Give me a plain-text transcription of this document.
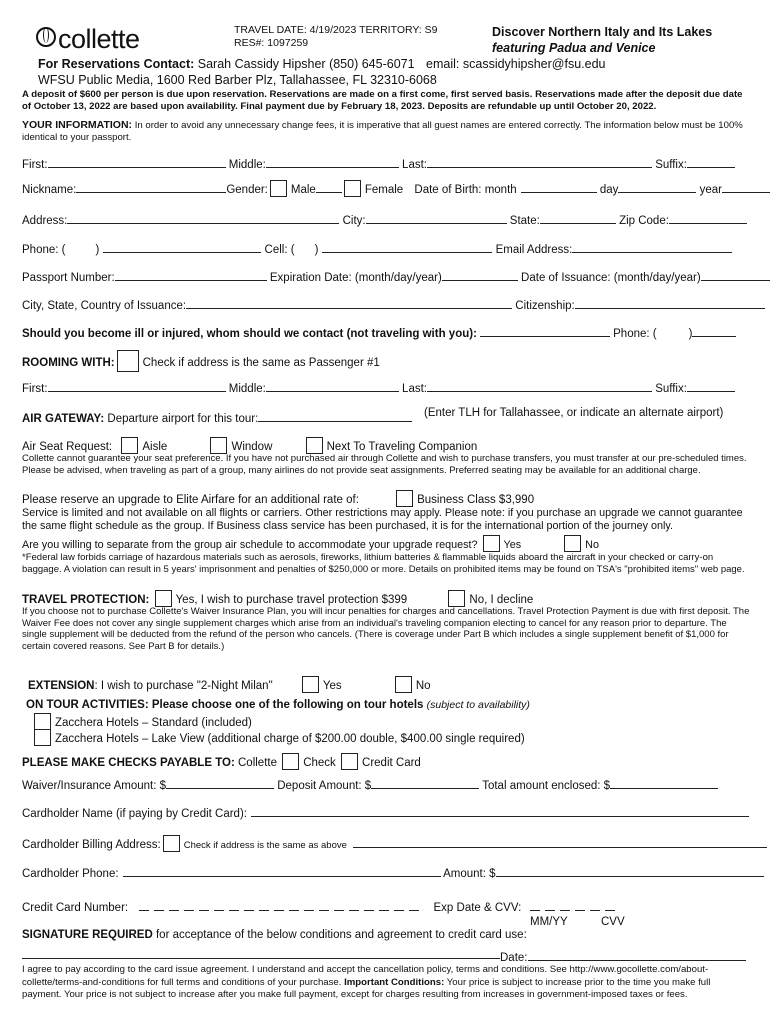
collette	TRAVEL DATE: 4/19/2023 TERRITORY: S9
RES#: 1097259
Discover Northern Italy and Its Lakes
featuring Padua and Venice
For Reservations Contact: Sarah Cassidy Hipsher (850) 645-6071 email: scassidyhipsher@fsu.edu
WFSU Public Media, 1600 Red Barber Plz, Tallahassee, FL 32310-6068
A deposit of $600 per person is due upon reservation. Reservations are made on a first come, first served basis. Reservations made after the deposit due date of October 13, 2022 are based upon availability. Final payment due by February 18, 2023. Deposits are refundable up until October 20, 2022.
YOUR INFORMATION: In order to avoid any unnecessary change fees, it is imperative that all guest names are entered correctly. The information below must be 100% identical to your passport.
First:	Middle:	Last:	Suffix:
Nickname:	Gender: Male	Female Date of Birth: month	day	year
Address:	City:	State:	Zip Code:
Phone: (	)	Cell: ( )	Email Address:
Passport Number:	Expiration Date: (month/day/year)	Date of Issuance: (month/day/year)
City, State, Country of Issuance:	Citizenship:
Should you become ill or injured, whom should we contact (not traveling with you):	Phone: (	)
ROOMING WITH: Check if address is the same as Passenger #1
First:	Middle:	Last:	Suffix:
AIR GATEWAY: Departure airport for this tour:	(Enter TLH for Tallahassee, or indicate an alternate airport)
Air Seat Request:	Aisle	Window	Next To Traveling Companion
Collette cannot guarantee your seat preference. If you have not purchased air through Collette and wish to purchase transfers, you must transfer at our pre-scheduled times. Please be advised, when traveling as part of a group, many airlines do not provide seat assignments. Preferred seating may be available for an additional charge.
Please reserve an upgrade to Elite Airfare for an additional rate of:	Business Class $3,990
Service is limited and not available on all flights or carriers. Other restrictions may apply. Please note: if you purchase an upgrade we cannot guarantee the same flight schedule as the group. If Business class service has been purchased, it is for the international portion of the journey only.
Are you willing to separate from the group air schedule to accommodate your upgrade request? Yes	No
*Federal law forbids carriage of hazardous materials such as aerosols, fireworks, lithium batteries & flammable liquids aboard the aircraft in your checked or carry-on baggage. A violation can result in 5 years' imprisonment and penalties of $250,000 or more. Details on prohibited items may be found on TSA's "prohibited items" web page.
TRAVEL PROTECTION: Yes, I wish to purchase travel protection $399	No, I decline
If you choose not to purchase Collette's Waiver Insurance Plan, you will incur penalties for charges and cancellations. Travel Protection Payment is due with first deposit. The Waiver Fee does not cover any single supplement charges which arise from an individual's traveling companion electing to cancel for any reason prior to departure. The single supplement will be deducted from the refund of the person who cancels. (There is coverage under Part B which includes a single supplement benefit of $1,000 for certain covered reasons. See Part B for details.)
EXTENSION: I wish to purchase "2-Night Milan"	Yes	No
ON TOUR ACTIVITIES: Please choose one of the following on tour hotels (subject to availability)
Zacchera Hotels – Standard (included)
Zacchera Hotels – Lake View (additional charge of $200.00 double, $400.00 single required)
PLEASE MAKE CHECKS PAYABLE TO: Collette Check Credit Card
Waiver/Insurance Amount: $	Deposit Amount: $	Total amount enclosed: $
Cardholder Name (if paying by Credit Card):
Cardholder Billing Address: Check if address is the same as above
Cardholder Phone:	Amount: $
Credit Card Number:	Exp Date & CVV:
MM/YY	CVV
SIGNATURE REQUIRED for acceptance of the below conditions and agreement to credit card use:
Date:
I agree to pay according to the card issue agreement. I understand and accept the cancellation policy, terms and conditions. See http://www.gocollette.com/about-collette/terms-and-conditions for full terms and conditions of your purchase. Important Conditions: Your price is subject to increase prior to the time you make full payment. Your price is not subject to increase after you make full payment, except for charges resulting from increases in government-imposed taxes or fees.
